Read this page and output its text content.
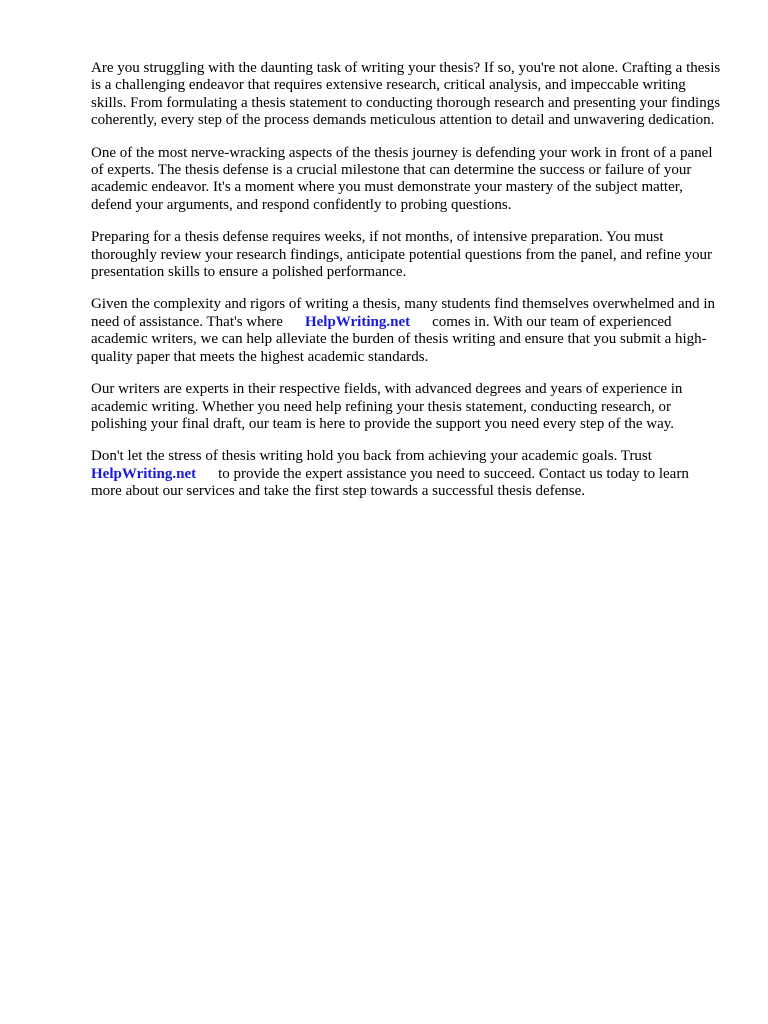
Are you struggling with the daunting task of writing your thesis? If so, you're not alone. Crafting a thesis is a challenging endeavor that requires extensive research, critical analysis, and impeccable writing skills. From formulating a thesis statement to conducting thorough research and presenting your findings coherently, every step of the process demands meticulous attention to detail and unwavering dedication.

One of the most nerve-wracking aspects of the thesis journey is defending your work in front of a panel of experts. The thesis defense is a crucial milestone that can determine the success or failure of your academic endeavor. It's a moment where you must demonstrate your mastery of the subject matter, defend your arguments, and respond confidently to probing questions.

Preparing for a thesis defense requires weeks, if not months, of intensive preparation. You must thoroughly review your research findings, anticipate potential questions from the panel, and refine your presentation skills to ensure a polished performance.

Given the complexity and rigors of writing a thesis, many students find themselves overwhelmed and in need of assistance. That's where HelpWriting.net comes in. With our team of experienced academic writers, we can help alleviate the burden of thesis writing and ensure that you submit a high-quality paper that meets the highest academic standards.

Our writers are experts in their respective fields, with advanced degrees and years of experience in academic writing. Whether you need help refining your thesis statement, conducting research, or polishing your final draft, our team is here to provide the support you need every step of the way.

Don't let the stress of thesis writing hold you back from achieving your academic goals. Trust
HelpWriting.net to provide the expert assistance you need to succeed. Contact us today to learn more about our services and take the first step towards a successful thesis defense.
